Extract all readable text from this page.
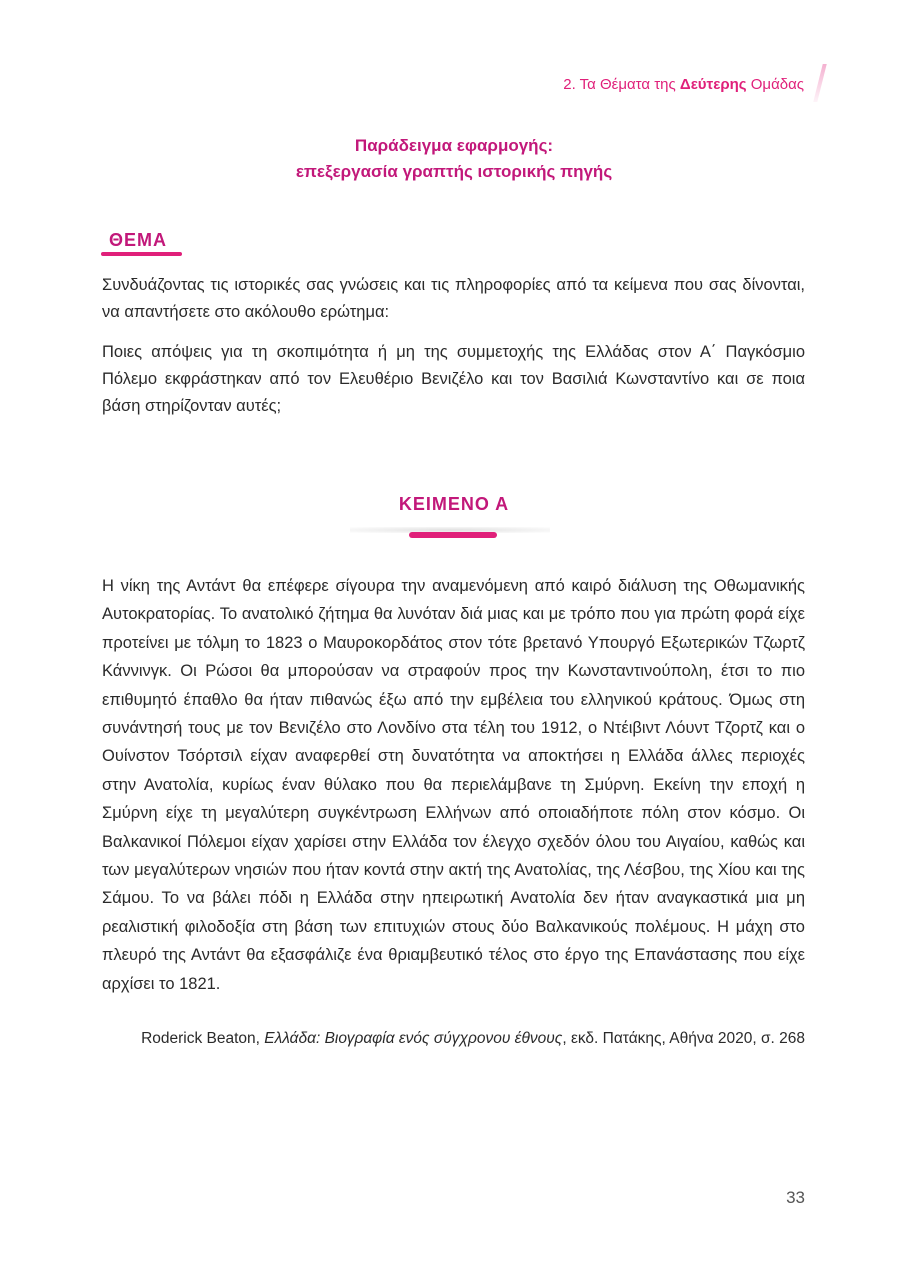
2. Τα Θέματα της Δεύτερης Ομάδας
Παράδειγμα εφαρμογής:
επεξεργασία γραπτής ιστορικής πηγής
ΘΕΜΑ

Συνδυάζοντας τις ιστορικές σας γνώσεις και τις πληροφορίες από τα κείμενα που σας δίνονται, να απαντήσετε στο ακόλουθο ερώτημα:

Ποιες απόψεις για τη σκοπιμότητα ή μη της συμμετοχής της Ελλάδας στον Α΄ Παγκόσμιο Πόλεμο εκφράστηκαν από τον Ελευθέριο Βενιζέλο και τον Βασιλιά Κωνσταντίνο και σε ποια βάση στηρίζονταν αυτές;

ΚΕΙΜΕΝΟ Α

Η νίκη της Αντάντ θα επέφερε σίγουρα την αναμενόμενη από καιρό διάλυση της Οθωμανικής Αυτοκρατορίας. Το ανατολικό ζήτημα θα λυνόταν διά μιας και με τρόπο που για πρώτη φορά είχε προτείνει με τόλμη το 1823 ο Μαυροκορδάτος στον τότε βρετανό Υπουργό Εξωτερικών Τζωρτζ Κάννινγκ. Οι Ρώσοι θα μπορούσαν να στραφούν προς την Κωνσταντινούπολη, έτσι το πιο επιθυμητό έπαθλο θα ήταν πιθανώς έξω από την εμβέλεια του ελληνικού κράτους. Όμως στη συνάντησή τους με τον Βενιζέλο στο Λονδίνο στα τέλη του 1912, ο Ντέιβιντ Λόυντ Τζορτζ και ο Ουίνστον Τσόρτσιλ είχαν αναφερθεί στη δυνατότητα να αποκτήσει η Ελλάδα άλλες περιοχές στην Ανατολία, κυρίως έναν θύλακο που θα περιελάμβανε τη Σμύρνη. Εκείνη την εποχή η Σμύρνη είχε τη μεγαλύτερη συγκέντρωση Ελλήνων από οποιαδήποτε πόλη στον κόσμο. Οι Βαλκανικοί Πόλεμοι είχαν χαρίσει στην Ελλάδα τον έλεγχο σχεδόν όλου του Αιγαίου, καθώς και των μεγαλύτερων νησιών που ήταν κοντά στην ακτή της Ανατολίας, της Λέσβου, της Χίου και της Σάμου. Το να βάλει πόδι η Ελλάδα στην ηπειρωτική Ανατολία δεν ήταν αναγκαστικά μια μη ρεαλιστική φιλοδοξία στη βάση των επιτυχιών στους δύο Βαλκανικούς πολέμους. Η μάχη στο πλευρό της Αντάντ θα εξασφάλιζε ένα θριαμβευτικό τέλος στο έργο της Επανάστασης που είχε αρχίσει το 1821.

Roderick Beaton, Ελλάδα: Βιογραφία ενός σύγχρονου έθνους, εκδ. Πατάκης, Αθήνα 2020, σ. 268
33
